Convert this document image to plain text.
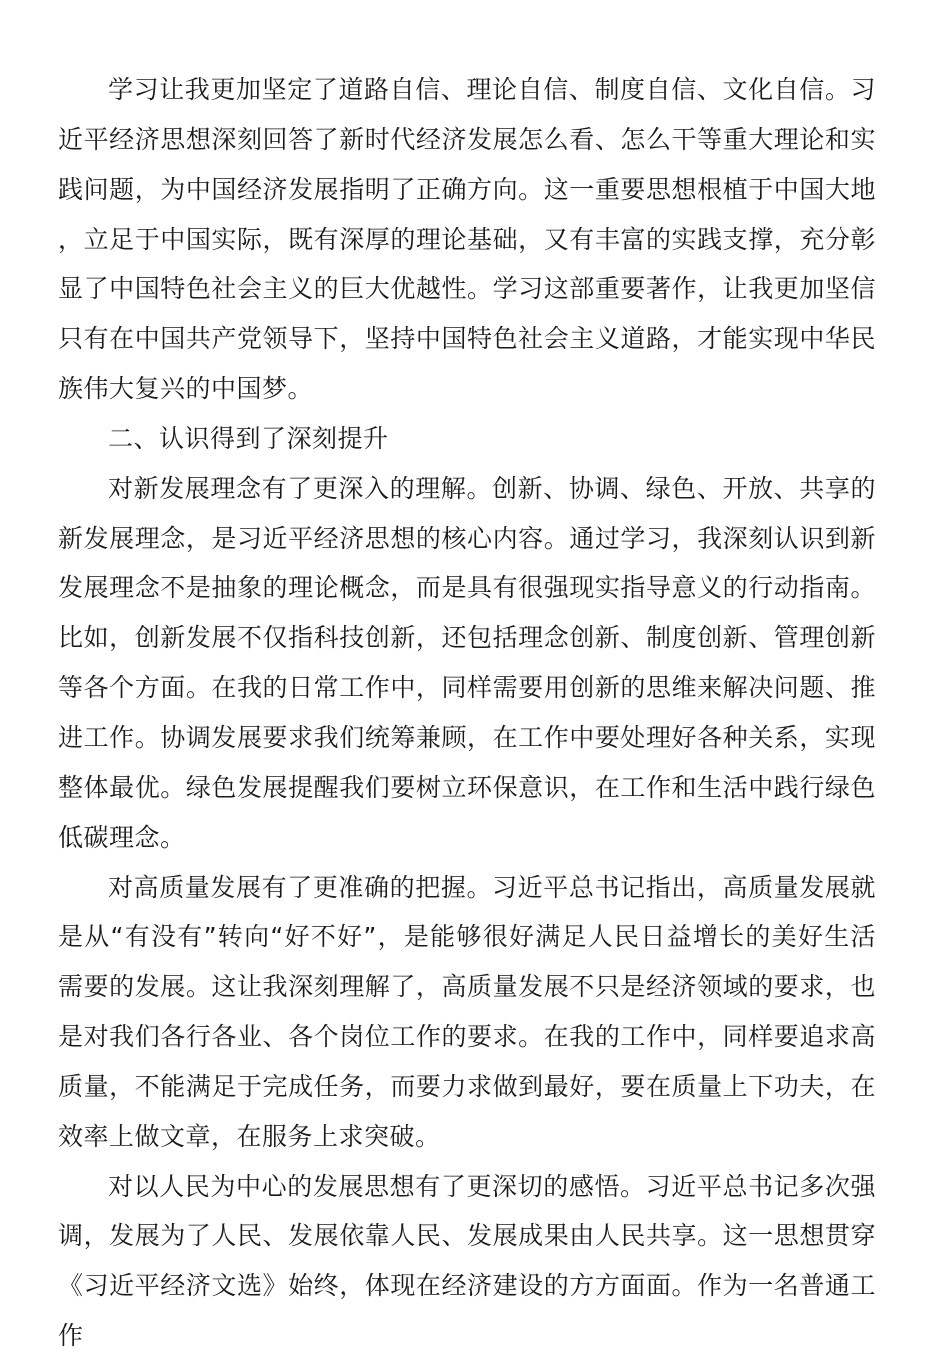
学习让我更加坚定了道路自信、理论自信、制度自信、文化自信。习近平经济思想深刻回答了新时代经济发展怎么看、怎么干等重大理论和实践问题，为中国经济发展指明了正确方向。这一重要思想根植于中国大地，立足于中国实际，既有深厚的理论基础，又有丰富的实践支撑，充分彰显了中国特色社会主义的巨大优越性。学习这部重要著作，让我更加坚信只有在中国共产党领导下，坚持中国特色社会主义道路，才能实现中华民族伟大复兴的中国梦。

二、认识得到了深刻提升

对新发展理念有了更深入的理解。创新、协调、绿色、开放、共享的新发展理念，是习近平经济思想的核心内容。通过学习，我深刻认识到新发展理念不是抽象的理论概念，而是具有很强现实指导意义的行动指南。比如，创新发展不仅指科技创新，还包括理念创新、制度创新、管理创新等各个方面。在我的日常工作中，同样需要用创新的思维来解决问题、推进工作。协调发展要求我们统筹兼顾，在工作中要处理好各种关系，实现整体最优。绿色发展提醒我们要树立环保意识，在工作和生活中践行绿色低碳理念。

对高质量发展有了更准确的把握。习近平总书记指出，高质量发展就是从“有没有”转向“好不好”，是能够很好满足人民日益增长的美好生活需要的发展。这让我深刻理解了，高质量发展不只是经济领域的要求，也是对我们各行各业、各个岗位工作的要求。在我的工作中，同样要追求高质量，不能满足于完成任务，而要力求做到最好，要在质量上下功夫，在效率上做文章，在服务上求突破。

对以人民为中心的发展思想有了更深切的感悟。习近平总书记多次强调，发展为了人民、发展依靠人民、发展成果由人民共享。这一思想贯穿《习近平经济文选》始终，体现在经济建设的方方面面。作为一名普通工作
